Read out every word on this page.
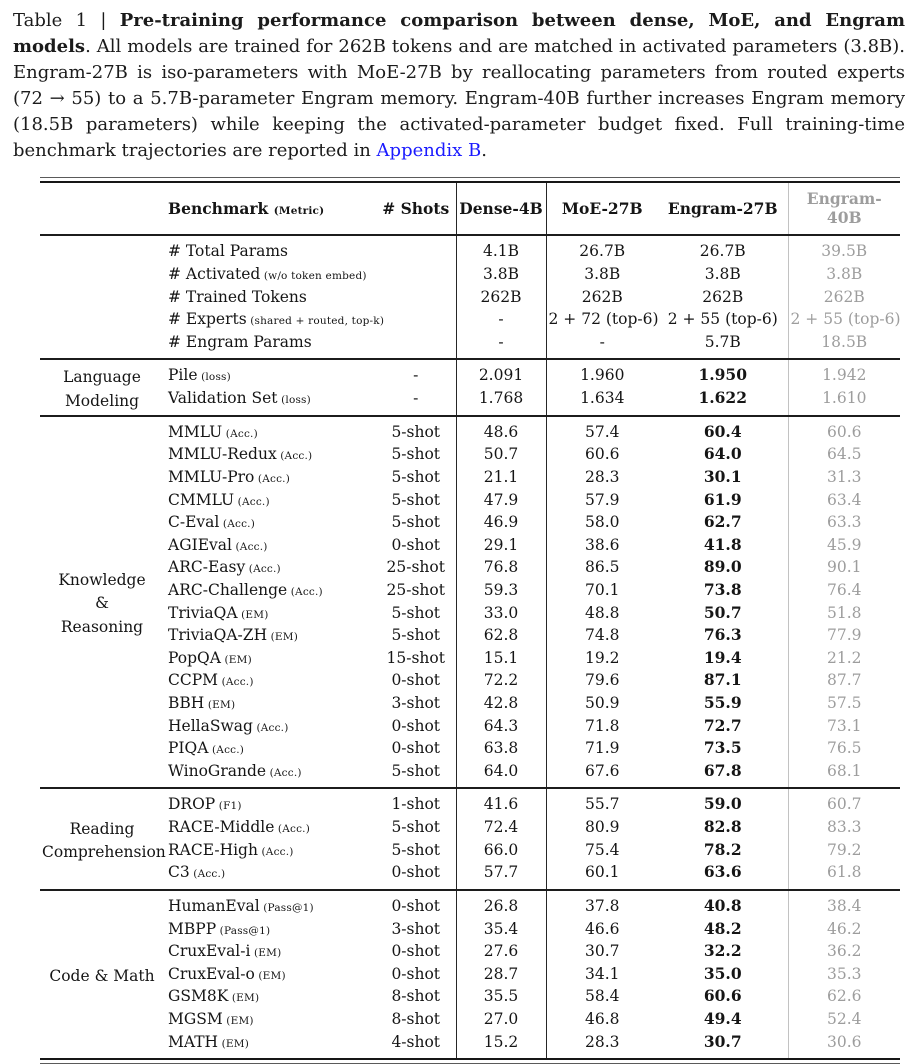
Table 1 | Pre-training performance comparison between dense, MoE, and Engram models. All models are trained for 262B tokens and are matched in activated parameters (3.8B). Engram-27B is iso-parameters with MoE-27B by reallocating parameters from routed experts (72 → 55) to a 5.7B-parameter Engram memory. Engram-40B further increases Engram memory (18.5B parameters) while keeping the activated-parameter budget fixed. Full training-time benchmark trajectories are reported in Appendix B.

	Benchmark (Metric)	# Shots	Dense-4B	MoE-27B	Engram-27B	Engram-40B
	# Total Params		4.1B	26.7B	26.7B	39.5B
	# Activated (w/o token embed)		3.8B	3.8B	3.8B	3.8B
	# Trained Tokens		262B	262B	262B	262B
	# Experts (shared + routed, top-k)		-	2 + 72 (top-6)	2 + 55 (top-6)	2 + 55 (top-6)
	# Engram Params		-	-	5.7B	18.5B
Language
Modeling	Pile (loss)	-	2.091	1.960	1.950	1.942
	Validation Set (loss)	-	1.768	1.634	1.622	1.610
Knowledge
&
Reasoning	MMLU (Acc.)	5-shot	48.6	57.4	60.4	60.6
	MMLU-Redux (Acc.)	5-shot	50.7	60.6	64.0	64.5
	MMLU-Pro (Acc.)	5-shot	21.1	28.3	30.1	31.3
	CMMLU (Acc.)	5-shot	47.9	57.9	61.9	63.4
	C-Eval (Acc.)	5-shot	46.9	58.0	62.7	63.3
	AGIEval (Acc.)	0-shot	29.1	38.6	41.8	45.9
	ARC-Easy (Acc.)	25-shot	76.8	86.5	89.0	90.1
	ARC-Challenge (Acc.)	25-shot	59.3	70.1	73.8	76.4
	TriviaQA (EM)	5-shot	33.0	48.8	50.7	51.8
	TriviaQA-ZH (EM)	5-shot	62.8	74.8	76.3	77.9
	PopQA (EM)	15-shot	15.1	19.2	19.4	21.2
	CCPM (Acc.)	0-shot	72.2	79.6	87.1	87.7
	BBH (EM)	3-shot	42.8	50.9	55.9	57.5
	HellaSwag (Acc.)	0-shot	64.3	71.8	72.7	73.1
	PIQA (Acc.)	0-shot	63.8	71.9	73.5	76.5
	WinoGrande (Acc.)	5-shot	64.0	67.6	67.8	68.1
Reading
Comprehension	DROP (F1)	1-shot	41.6	55.7	59.0	60.7
	RACE-Middle (Acc.)	5-shot	72.4	80.9	82.8	83.3
	RACE-High (Acc.)	5-shot	66.0	75.4	78.2	79.2
	C3 (Acc.)	0-shot	57.7	60.1	63.6	61.8
Code & Math	HumanEval (Pass@1)	0-shot	26.8	37.8	40.8	38.4
	MBPP (Pass@1)	3-shot	35.4	46.6	48.2	46.2
	CruxEval-i (EM)	0-shot	27.6	30.7	32.2	36.2
	CruxEval-o (EM)	0-shot	28.7	34.1	35.0	35.3
	GSM8K (EM)	8-shot	35.5	58.4	60.6	62.6
	MGSM (EM)	8-shot	27.0	46.8	49.4	52.4
	MATH (EM)	4-shot	15.2	28.3	30.7	30.6
